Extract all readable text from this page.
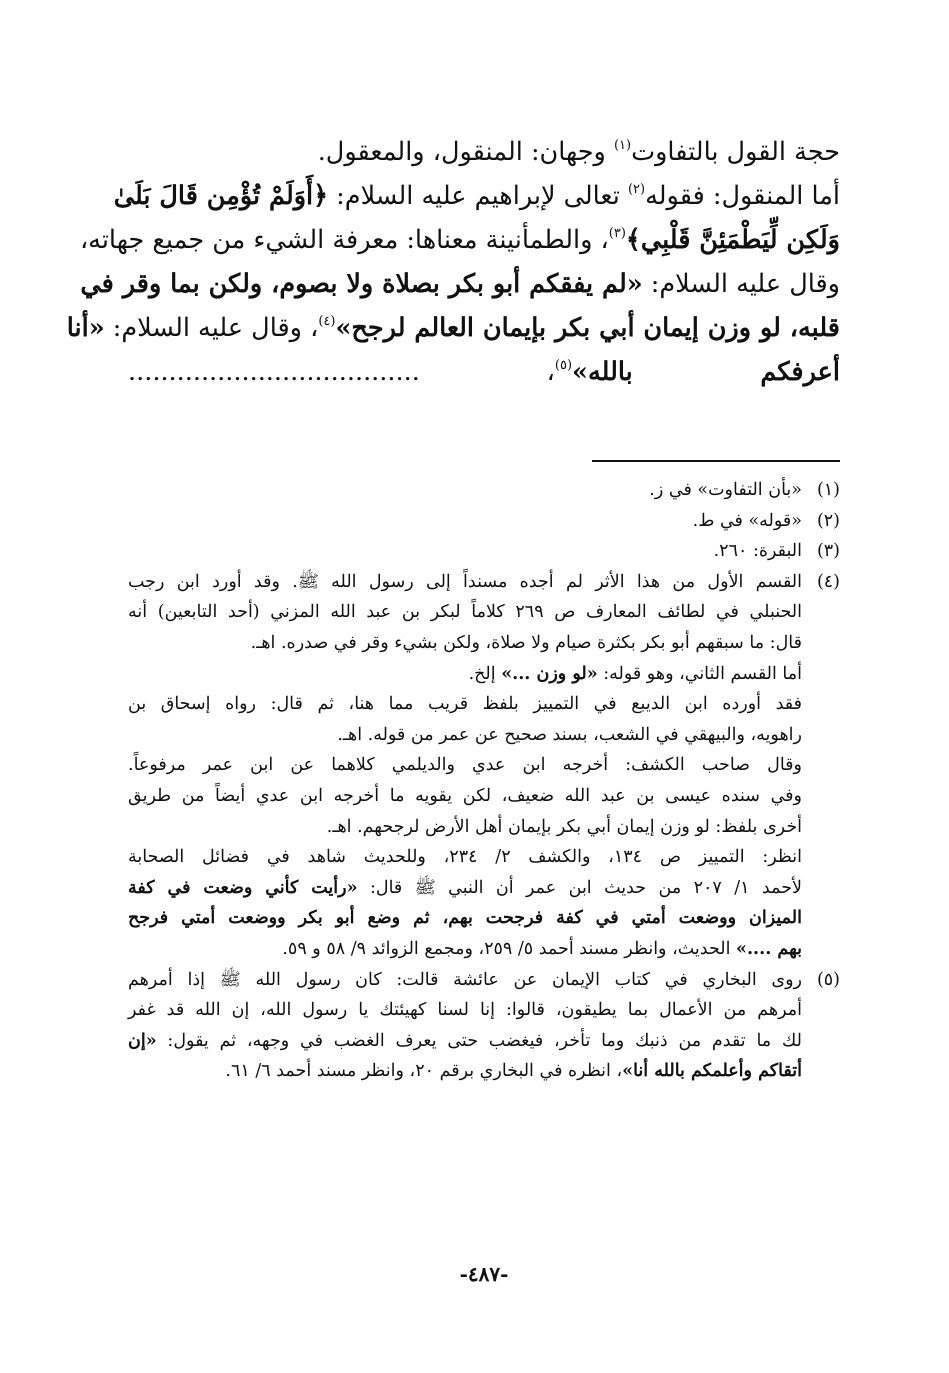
حجة القول بالتفاوت$^{(١)}$ وجهان: المنقول، والمعقول.
أما المنقول: فقوله$^{(٢)}$ تعالى لإبراهيم عليه السلام: ﴿أَوَلَمْ تُؤْمِن قَالَ بَلَىٰ
وَلَكِن لِّيَطْمَئِنَّ قَلْبِي﴾$^{(٣)}$، والطمأنينة معناها: معرفة الشيء من جميع جهاته،
وقال عليه السلام: «لم يفقكم أبو بكر بصلاة ولا بصوم، ولكن بما وقر في
قلبه، لو وزن إيمان أبي بكر بإيمان العالم لرجح»$^{(٤)}$، وقال عليه السلام: «أنا
أعرفكم بالله»$^{(٥)}$، ....................................
(١)«بأن التفاوت» في ز.
(٢)«قوله» في ط.
(٣)البقرة: ٢٦٠.
(٤)القسم الأول من هذا الأثر لم أجده مسنداً إلى رسول الله ﷺ. وقد أورد ابن رجب
الحنبلي في لطائف المعارف ص ٢٦٩ كلاماً لبكر بن عبد الله المزني (أحد التابعين) أنه
قال: ما سبقهم أبو بكر بكثرة صيام ولا صلاة، ولكن بشيء وقر في صدره. اهـ.
أما القسم الثاني، وهو قوله: «لو وزن ...» إلخ.
فقد أورده ابن الديبع في التمييز بلفظ قريب مما هنا، ثم قال: رواه إسحاق بن
راهويه، والبيهقي في الشعب، بسند صحيح عن عمر من قوله. اهـ.
وقال صاحب الكشف: أخرجه ابن عدي والديلمي كلاهما عن ابن عمر مرفوعاً.
وفي سنده عيسى بن عبد الله ضعيف، لكن يقويه ما أخرجه ابن عدي أيضاً من طريق
أخرى بلفظ: لو وزن إيمان أبي بكر بإيمان أهل الأرض لرجحهم. اهـ.
انظر: التمييز ص ١٣٤، والكشف ٢/ ٢٣٤، وللحديث شاهد في فضائل الصحابة
لأحمد ١/ ٢٠٧ من حديث ابن عمر أن النبي ﷺ قال: «رأيت كأني وضعت في كفة
الميزان ووضعت أمتي في كفة فرجحت بهم، ثم وضع أبو بكر ووضعت أمتي فرجح
بهم ....» الحديث، وانظر مسند أحمد ٥/ ٢٥٩، ومجمع الزوائد ٩/ ٥٨ و ٥٩.
(٥)روى البخاري في كتاب الإيمان عن عائشة قالت: كان رسول الله ﷺ إذا أمرهم
أمرهم من الأعمال بما يطيقون، قالوا: إنا لسنا كهيئتك يا رسول الله، إن الله قد غفر
لك ما تقدم من ذنبك وما تأخر، فيغضب حتى يعرف الغضب في وجهه، ثم يقول: «إن
أتقاكم وأعلمكم بالله أنا»، انظره في البخاري برقم ٢٠، وانظر مسند أحمد ٦/ ٦١.
-٤٨٧-
